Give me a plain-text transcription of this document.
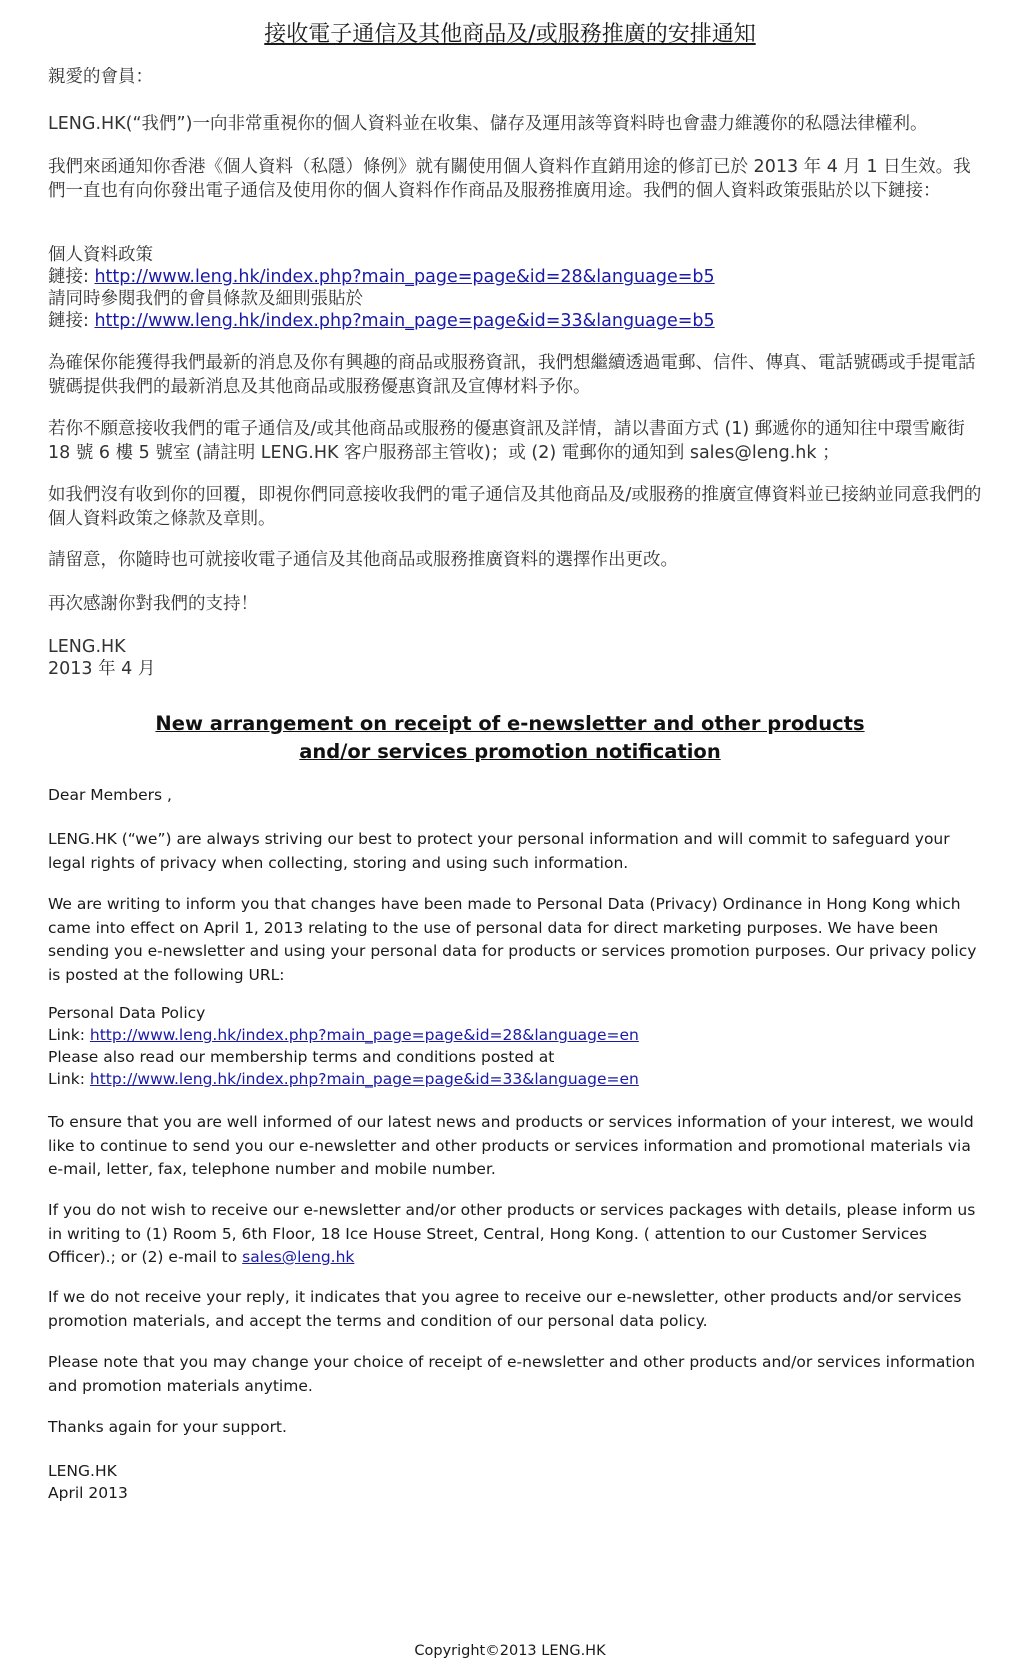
接收電子通信及其他商品及/或服務推廣的安排通知
親愛的會員：
LENG.HK(“我們”)一向非常重視你的個人資料並在收集、儲存及運用該等資料時也會盡力維護你的私隱法律權利。
我們來函通知你香港《個人資料（私隱）條例》就有關使用個人資料作直銷用途的修訂已於 2013 年 4 月 1 日生效。我們一直也有向你發出電子通信及使用你的個人資料作作商品及服務推廣用途。我們的個人資料政策張貼於以下鏈接：
個人資料政策
鏈接: http://www.leng.hk/index.php?main_page=page&id=28&language=b5
請同時參閱我們的會員條款及細則張貼於
鏈接: http://www.leng.hk/index.php?main_page=page&id=33&language=b5
為確保你能獲得我們最新的消息及你有興趣的商品或服務資訊，我們想繼續透過電郵、信件、傳真、電話號碼或手提電話號碼提供我們的最新消息及其他商品或服務優惠資訊及宣傳材料予你。
若你不願意接收我們的電子通信及/或其他商品或服務的優惠資訊及詳情，請以書面方式 (1) 郵遞你的通知往中環雪廠街 18 號 6 樓 5 號室 (請註明 LENG.HK 客户服務部主管收)；或 (2) 電郵你的通知到 sales@leng.hk ；
如我們沒有收到你的回覆，即視你們同意接收我們的電子通信及其他商品及/或服務的推廣宣傳資料並已接納並同意我們的個人資料政策之條款及章則。
請留意，你隨時也可就接收電子通信及其他商品或服務推廣資料的選擇作出更改。
再次感謝你對我們的支持！
LENG.HK
2013 年 4 月
New arrangement on receipt of e-newsletter and other products
and/or services promotion notification
Dear Members ,
LENG.HK (“we”) are always striving our best to protect your personal information and will commit to safeguard your legal rights of privacy when collecting, storing and using such information.
We are writing to inform you that changes have been made to Personal Data (Privacy) Ordinance in Hong Kong which came into effect on April 1, 2013 relating to the use of personal data for direct marketing purposes. We have been sending you e-newsletter and using your personal data for products or services promotion purposes. Our privacy policy is posted at the following URL:
Personal Data Policy
Link: http://www.leng.hk/index.php?main_page=page&id=28&language=en
Please also read our membership terms and conditions posted at
Link: http://www.leng.hk/index.php?main_page=page&id=33&language=en
To ensure that you are well informed of our latest news and products or services information of your interest, we would like to continue to send you our e-newsletter and other products or services information and promotional materials via e-mail, letter, fax, telephone number and mobile number.
If you do not wish to receive our e-newsletter and/or other products or services packages with details, please inform us in writing to (1) Room 5, 6th Floor, 18 Ice House Street, Central, Hong Kong. ( attention to our Customer Services Officer).; or (2) e-mail to sales@leng.hk
If we do not receive your reply, it indicates that you agree to receive our e-newsletter, other products and/or services promotion materials, and accept the terms and condition of our personal data policy.
Please note that you may change your choice of receipt of e-newsletter and other products and/or services information and promotion materials anytime.
Thanks again for your support.
LENG.HK
April 2013
Copyright©2013 LENG.HK
